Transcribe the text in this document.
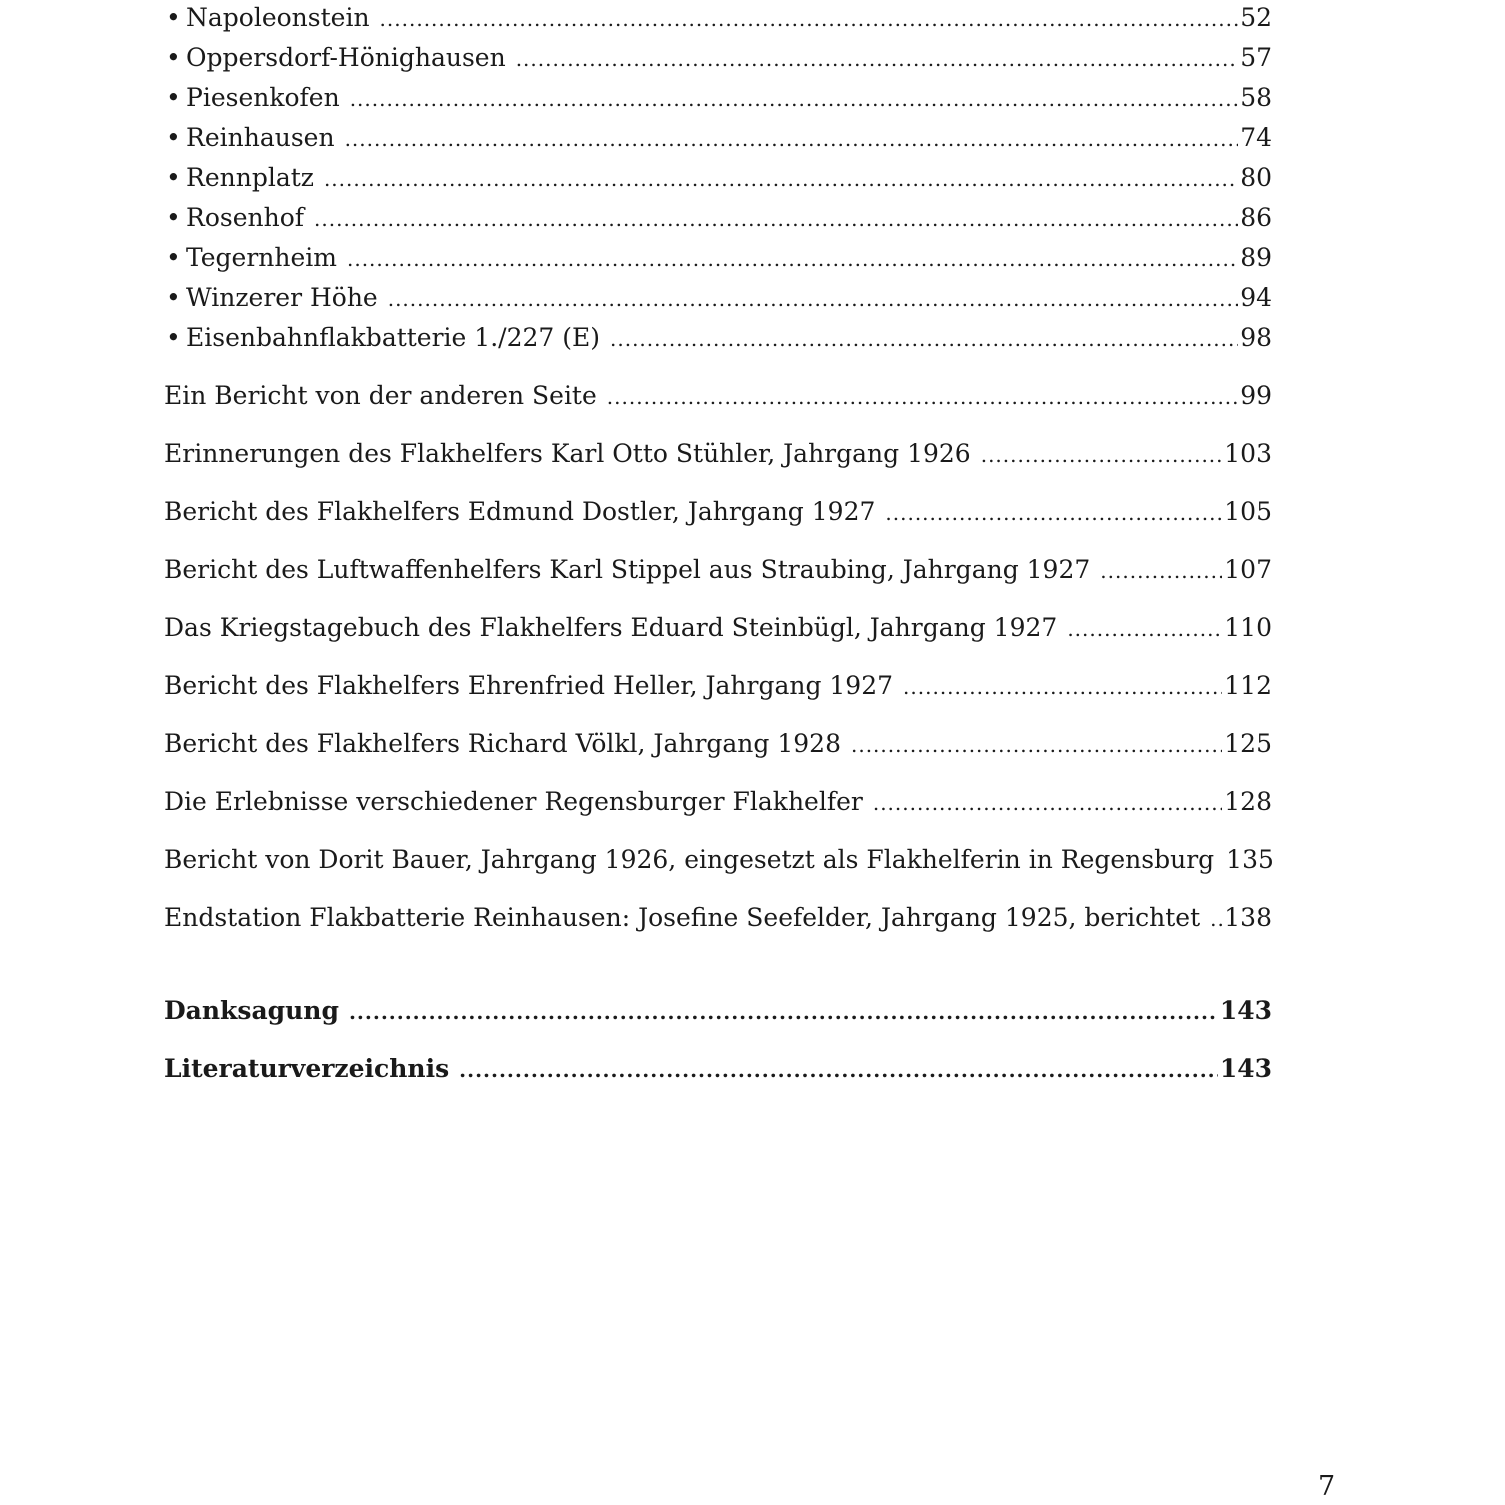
• Napoleonstein .....	52
• Oppersdorf-Hönighausen .....	57
• Piesenkofen .....	58
• Reinhausen .....	74
• Rennplatz .....	80
• Rosenhof .....	86
• Tegernheim .....	89
• Winzerer Höhe .....	94
• Eisenbahnflakbatterie 1./227 (E) .....	98
Ein Bericht von der anderen Seite .....	99
Erinnerungen des Flakhelfers Karl Otto Stühler, Jahrgang 1926 .....	103
Bericht des Flakhelfers Edmund Dostler, Jahrgang 1927 .....	105
Bericht des Luftwaffenhelfers Karl Stippel aus Straubing, Jahrgang 1927 .....	107
Das Kriegstagebuch des Flakhelfers Eduard Steinbügl, Jahrgang 1927 .....	110
Bericht des Flakhelfers Ehrenfried Heller, Jahrgang 1927 .....	112
Bericht des Flakhelfers Richard Völkl, Jahrgang 1928 .....	125
Die Erlebnisse verschiedener Regensburger Flakhelfer .....	128
Bericht von Dorit Bauer, Jahrgang 1926, eingesetzt als Flakhelferin in Regensburg 135
Endstation Flakbatterie Reinhausen: Josefine Seefelder, Jahrgang 1925, berichtet ..... 138
Danksagung .....	143
Literaturverzeichnis .....	143
7
